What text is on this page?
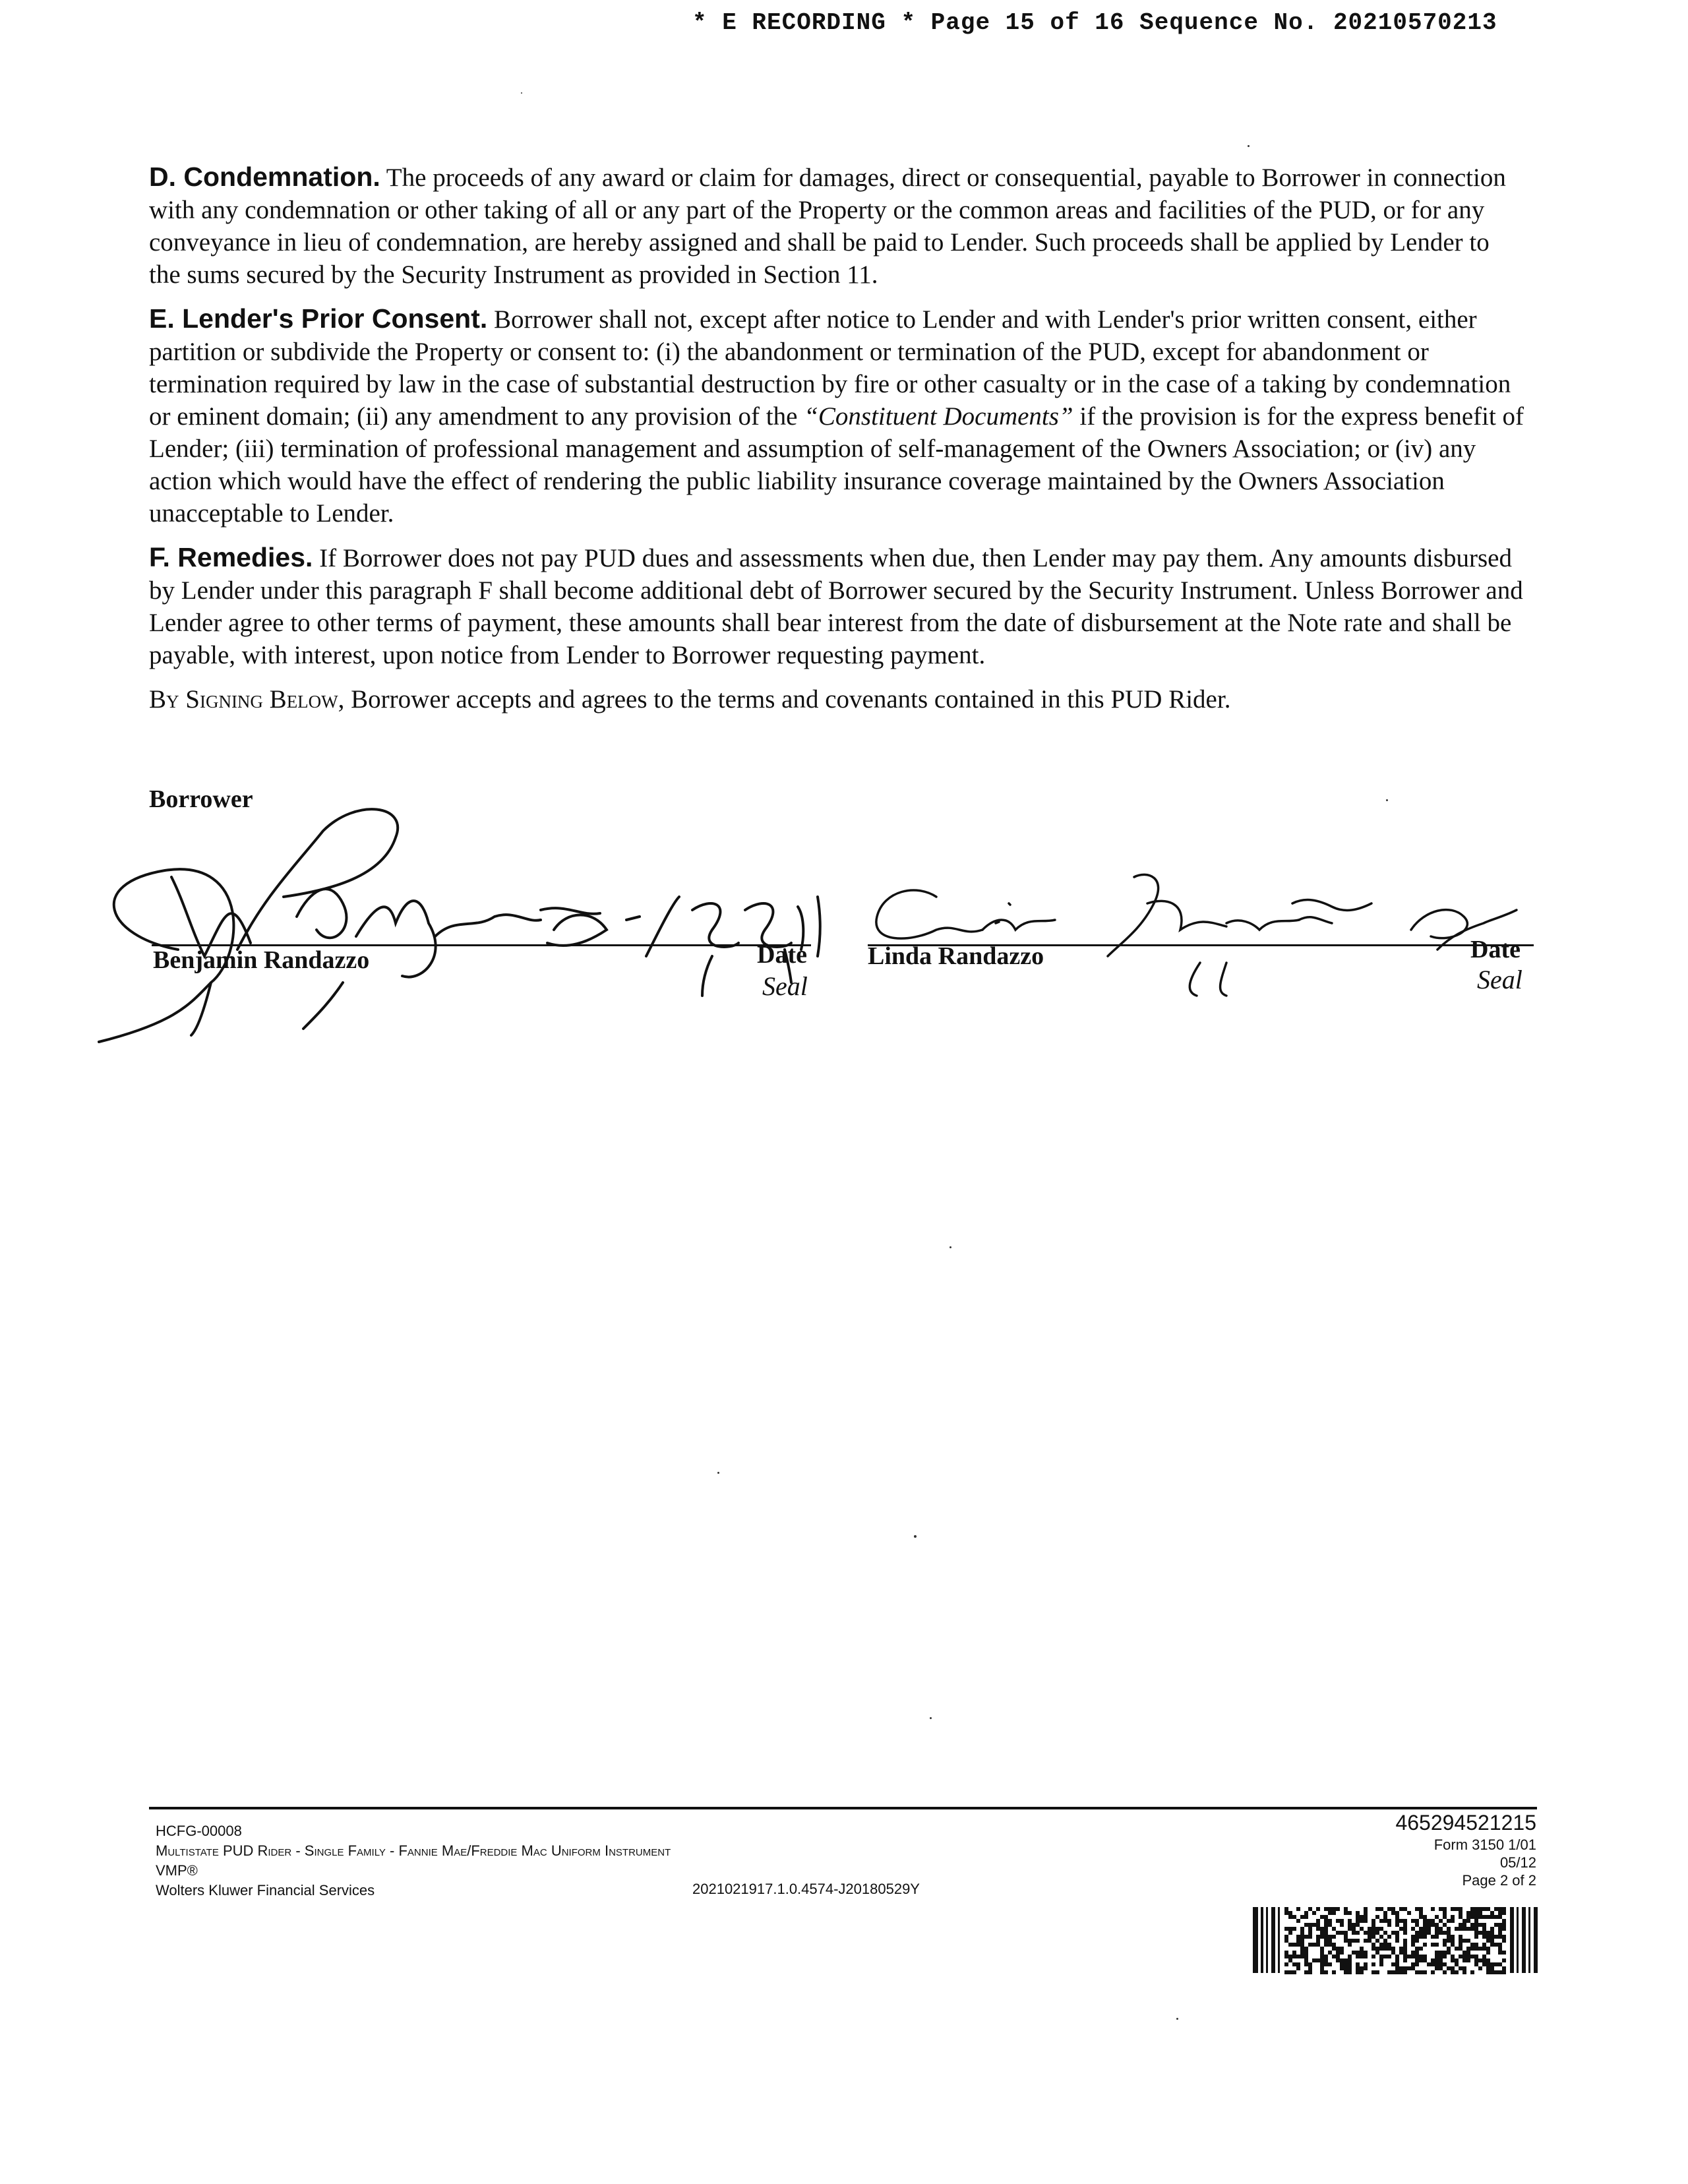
* E RECORDING * Page 15 of 16 Sequence No. 20210570213

D. Condemnation. The proceeds of any award or claim for damages, direct or consequential, payable to Borrower in connection with any condemnation or other taking of all or any part of the Property or the common areas and facilities of the PUD, or for any conveyance in lieu of condemnation, are hereby assigned and shall be paid to Lender. Such proceeds shall be applied by Lender to the sums secured by the Security Instrument as provided in Section 11.

E. Lender's Prior Consent. Borrower shall not, except after notice to Lender and with Lender's prior written consent, either partition or subdivide the Property or consent to: (i) the abandonment or termination of the PUD, except for abandonment or termination required by law in the case of substantial destruction by fire or other casualty or in the case of a taking by condemnation or eminent domain; (ii) any amendment to any provision of the “Constituent Documents” if the provision is for the express benefit of Lender; (iii) termination of professional management and assumption of self-management of the Owners Association; or (iv) any action which would have the effect of rendering the public liability insurance coverage maintained by the Owners Association unacceptable to Lender.

F. Remedies. If Borrower does not pay PUD dues and assessments when due, then Lender may pay them. Any amounts disbursed by Lender under this paragraph F shall become additional debt of Borrower secured by the Security Instrument. Unless Borrower and Lender agree to other terms of payment, these amounts shall bear interest from the date of disbursement at the Note rate and shall be payable, with interest, upon notice from Lender to Borrower requesting payment.

By Signing Below, Borrower accepts and agrees to the terms and covenants contained in this PUD Rider.

Borrower
Benjamin Randazzo	Date
Seal
Linda Randazzo	Date
Seal
HCFG-00008
Multistate PUD Rider - Single Family - Fannie Mae/Freddie Mac Uniform Instrument
VMP®
Wolters Kluwer Financial Services	2021021917.1.0.4574-J20180529Y
465294521215
Form 3150 1/01
05/12
Page 2 of 2
